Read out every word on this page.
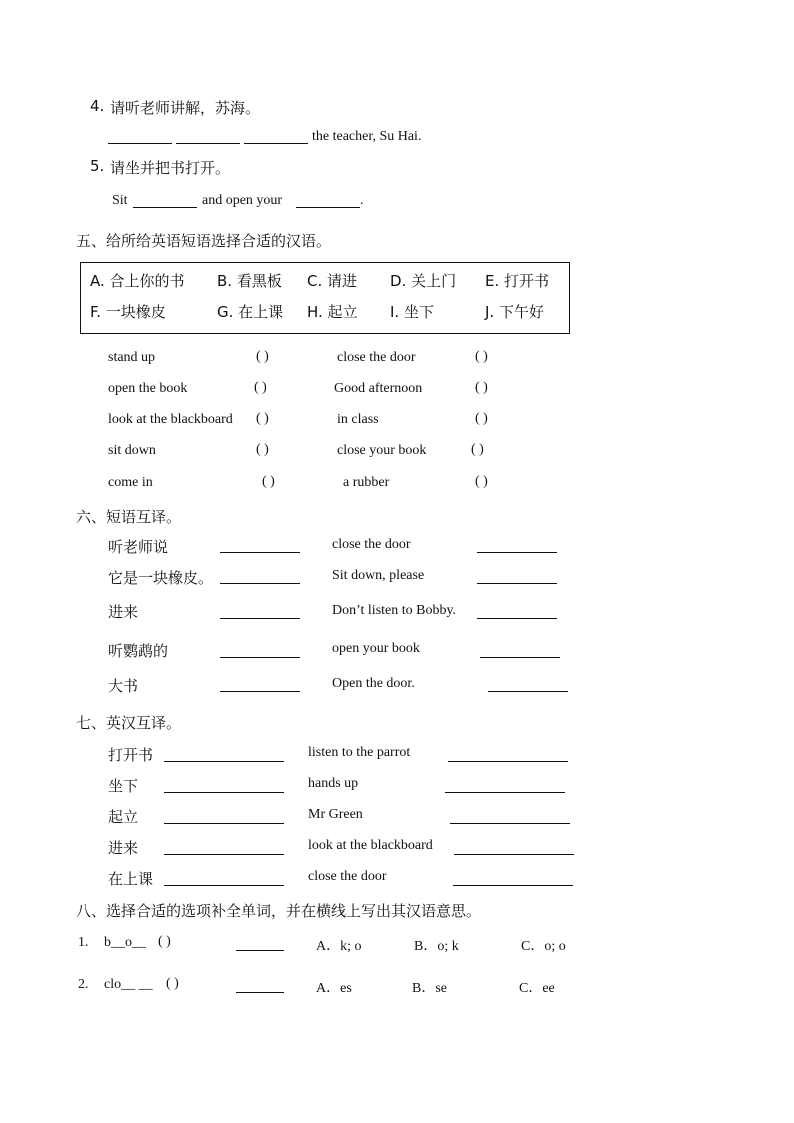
4. 请听老师讲解，苏海。
the teacher, Su Hai.
5. 请坐并把书打开。
Sit	and open your	.
五、给所给英语短语选择合适的汉语。
A. 合上你的书 B. 看黑板 C. 请进 D. 关上门 E. 打开书
F. 一块橡皮	G. 在上课 H. 起立 I. 坐下	J. 下午好
stand up	( )	close the door	( )
open the book	( )	Good afternoon	( )
look at the blackboard ( )	in class	( )
sit down	( )	close your book	( )
come in	( )	a rubber	( )
六、短语互译。
听老师说	close the door
它是一块橡皮。	Sit down, please
进来	Don’t listen to Bobby.
听鹦鹉的	open your book
大书	Open the door.
七、英汉互译。
打开书	listen to the parrot
坐下	hands up
起立	Mr Green
进来	look at the blackboard
在上课	close the door
八、选择合适的选项补全单词，并在横线上写出其汉语意思。
1. b__o__ ( )	A．k; o	B．o; k	C．o; o
2. clo__ __ ( )	A．es	B．se	C．ee
